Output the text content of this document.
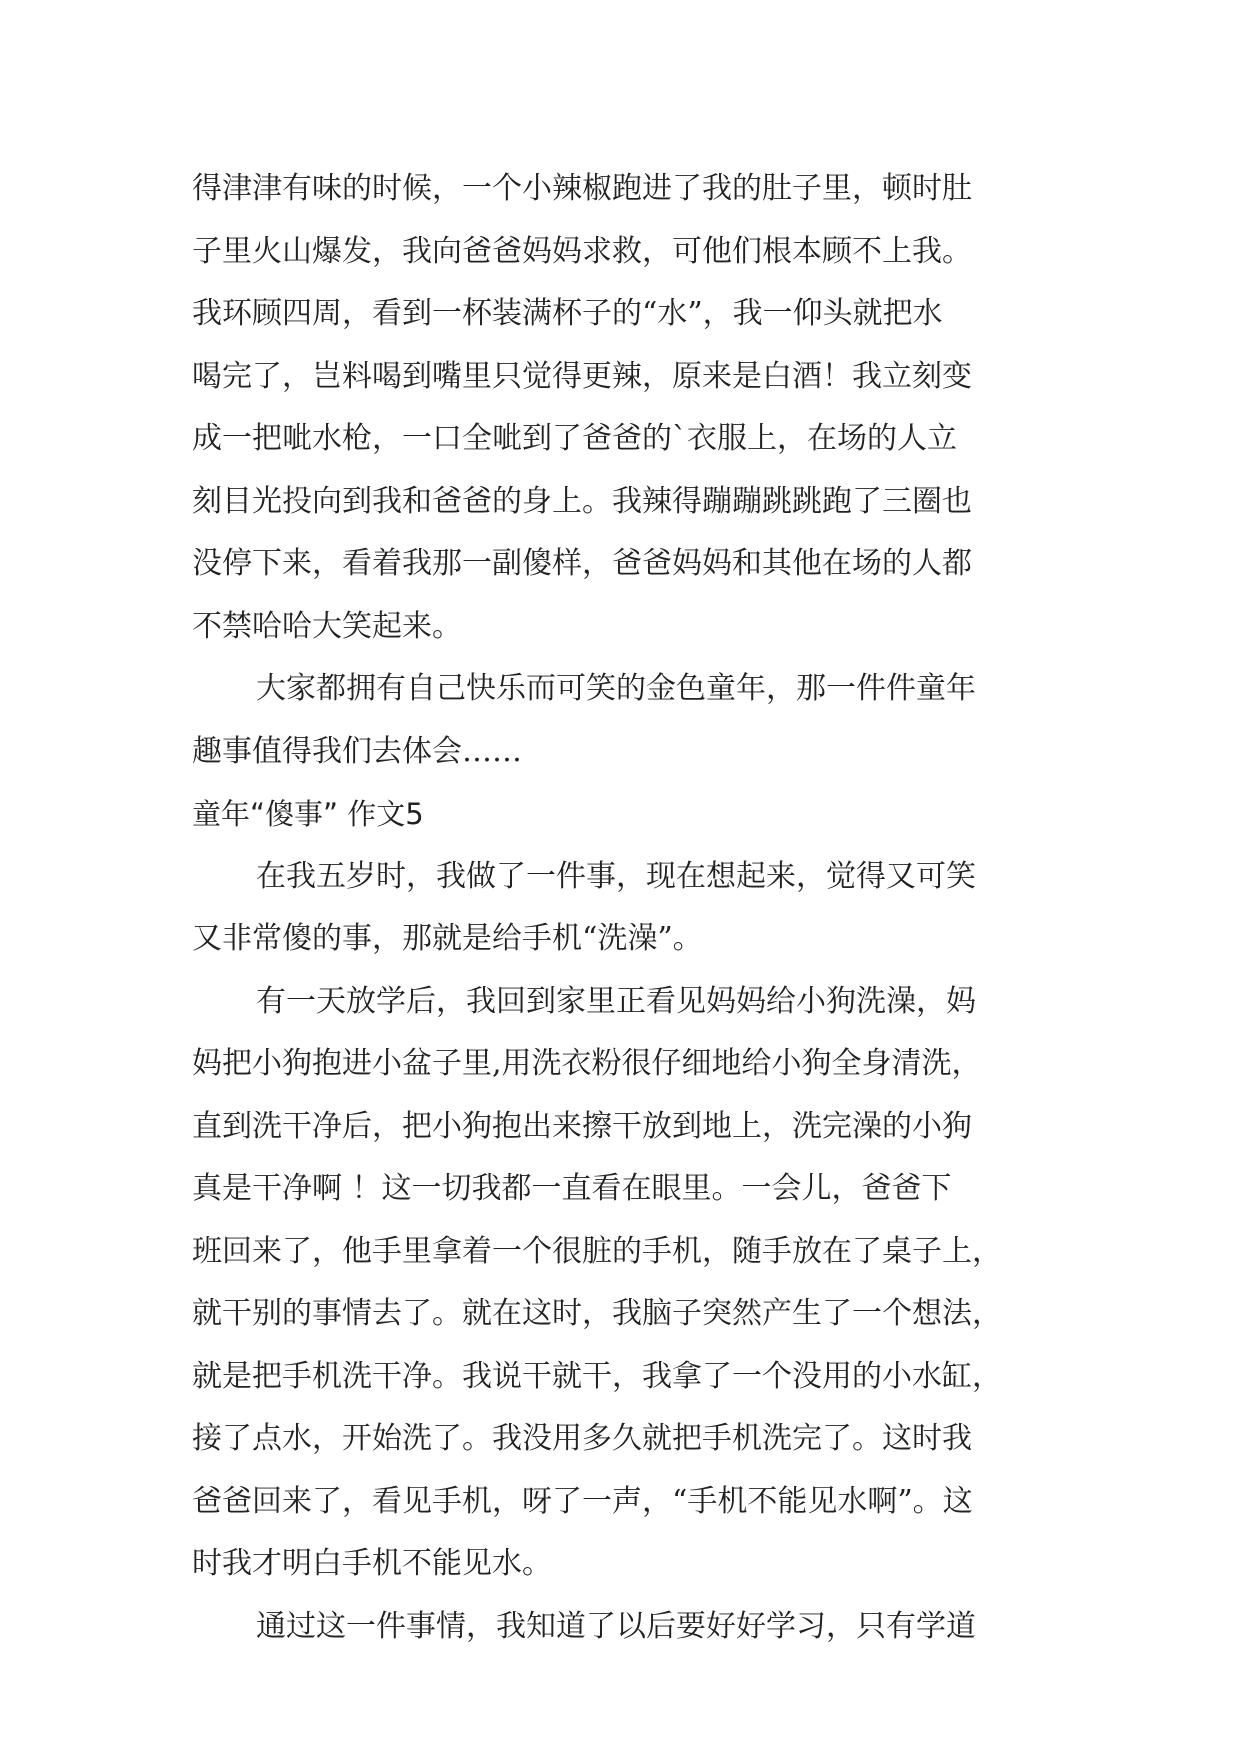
得津津有味的时候，一个小辣椒跑进了我的肚子里，顿时肚
子里火山爆发，我向爸爸妈妈求救，可他们根本顾不上我。
我环顾四周，看到一杯装满杯子的“水”，我一仰头就把水
喝完了，岂料喝到嘴里只觉得更辣，原来是白酒！我立刻变
成一把呲水枪，一口全呲到了爸爸的`衣服上，在场的人立
刻目光投向到我和爸爸的身上。我辣得蹦蹦跳跳跑了三圈也
没停下来，看着我那一副傻样，爸爸妈妈和其他在场的人都
不禁哈哈大笑起来。
大家都拥有自己快乐而可笑的金色童年，那一件件童年
趣事值得我们去体会……
童年“傻事” 作文5
在我五岁时，我做了一件事，现在想起来，觉得又可笑
又非常傻的事，那就是给手机“洗澡”。
有一天放学后，我回到家里正看见妈妈给小狗洗澡，妈
妈把小狗抱进小盆子里,用洗衣粉很仔细地给小狗全身清洗，
直到洗干净后，把小狗抱出来擦干放到地上，洗完澡的小狗
真是干净啊 ！这一切我都一直看在眼里。一会儿，爸爸下
班回来了，他手里拿着一个很脏的手机，随手放在了桌子上，
就干别的事情去了。就在这时，我脑子突然产生了一个想法，
就是把手机洗干净。我说干就干，我拿了一个没用的小水缸，
接了点水，开始洗了。我没用多久就把手机洗完了。这时我
爸爸回来了，看见手机，呀了一声，“手机不能见水啊”。这
时我才明白手机不能见水。
通过这一件事情，我知道了以后要好好学习，只有学道
